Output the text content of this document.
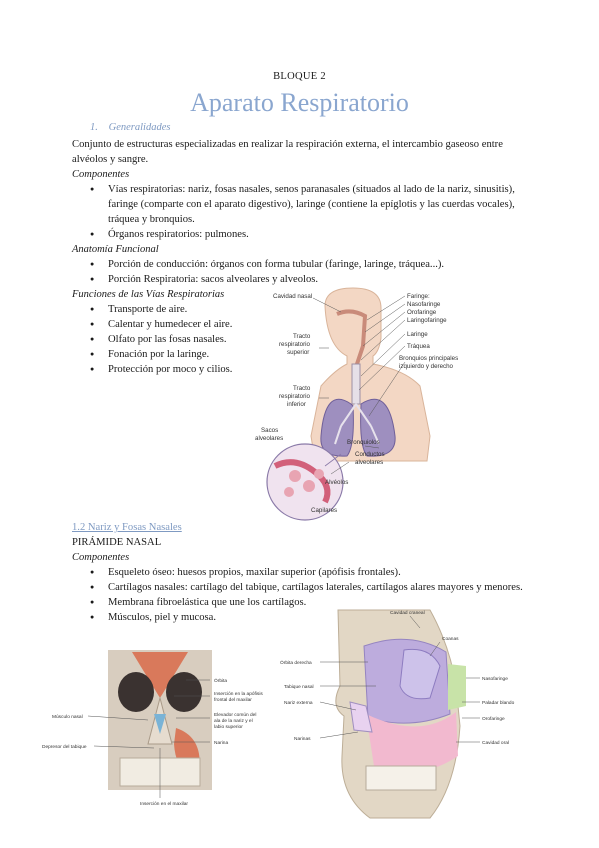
BLOQUE 2
Aparato Respiratorio
1. Generalidades
Conjunto de estructuras especializadas en realizar la respiración externa, el intercambio gaseoso entre alvéolos y sangre.
Componentes
● Vías respiratorias: nariz, fosas nasales, senos paranasales (situados al lado de la nariz, sinusitis), faringe (comparte con el aparato digestivo), laringe (contiene la epíglotis y las cuerdas vocales), tráquea y bronquios.
● Órganos respiratorios: pulmones.
Anatomía Funcional
● Porción de conducción: órganos con forma tubular (faringe, laringe, tráquea...).
● Porción Respiratoria: sacos alveolares y alveolos.
Funciones de las Vías Respiratorias
● Transporte de aire.
● Calentar y humedecer el aire.
● Olfato por las fosas nasales.
● Fonación por la laringe.
● Protección por moco y cilios.
Cavidad nasal	Faringe:
Nasofaringe
Orofaringe
Laringofaringe
Tracto
respiratorio
superior
Laringe
Tráquea
Bronquios principales
izquierdo y derecho
Tracto
respiratorio
inferior
Sacos
alveolares
Bronquiolos
Conductos
alveolares
Alvéolos
Capilares
1.2 Nariz y Fosas Nasales
PIRÁMIDE NASAL
Componentes
● Esqueleto óseo: huesos propios, maxilar superior (apófisis frontales).
● Cartílagos nasales: cartílago del tabique, cartílagos laterales, cartílagos alares mayores y menores.
● Membrana fibroelástica que une los cartílagos.
● Músculos, piel y mucosa.
Órbita
Inserción en la apófisis
frontal del maxilar
Músculo nasal	Elevador común del
ala de la nariz y el
labio superior
Narina
Depresor del tabique
Inserción en el maxilar
Cavidad craneal
Coanas
Órbita derecha
Tabique nasal
Nariz externa
Narinas
Nasofaringe
Paladar blando
Orofaringe
Cavidad oral
